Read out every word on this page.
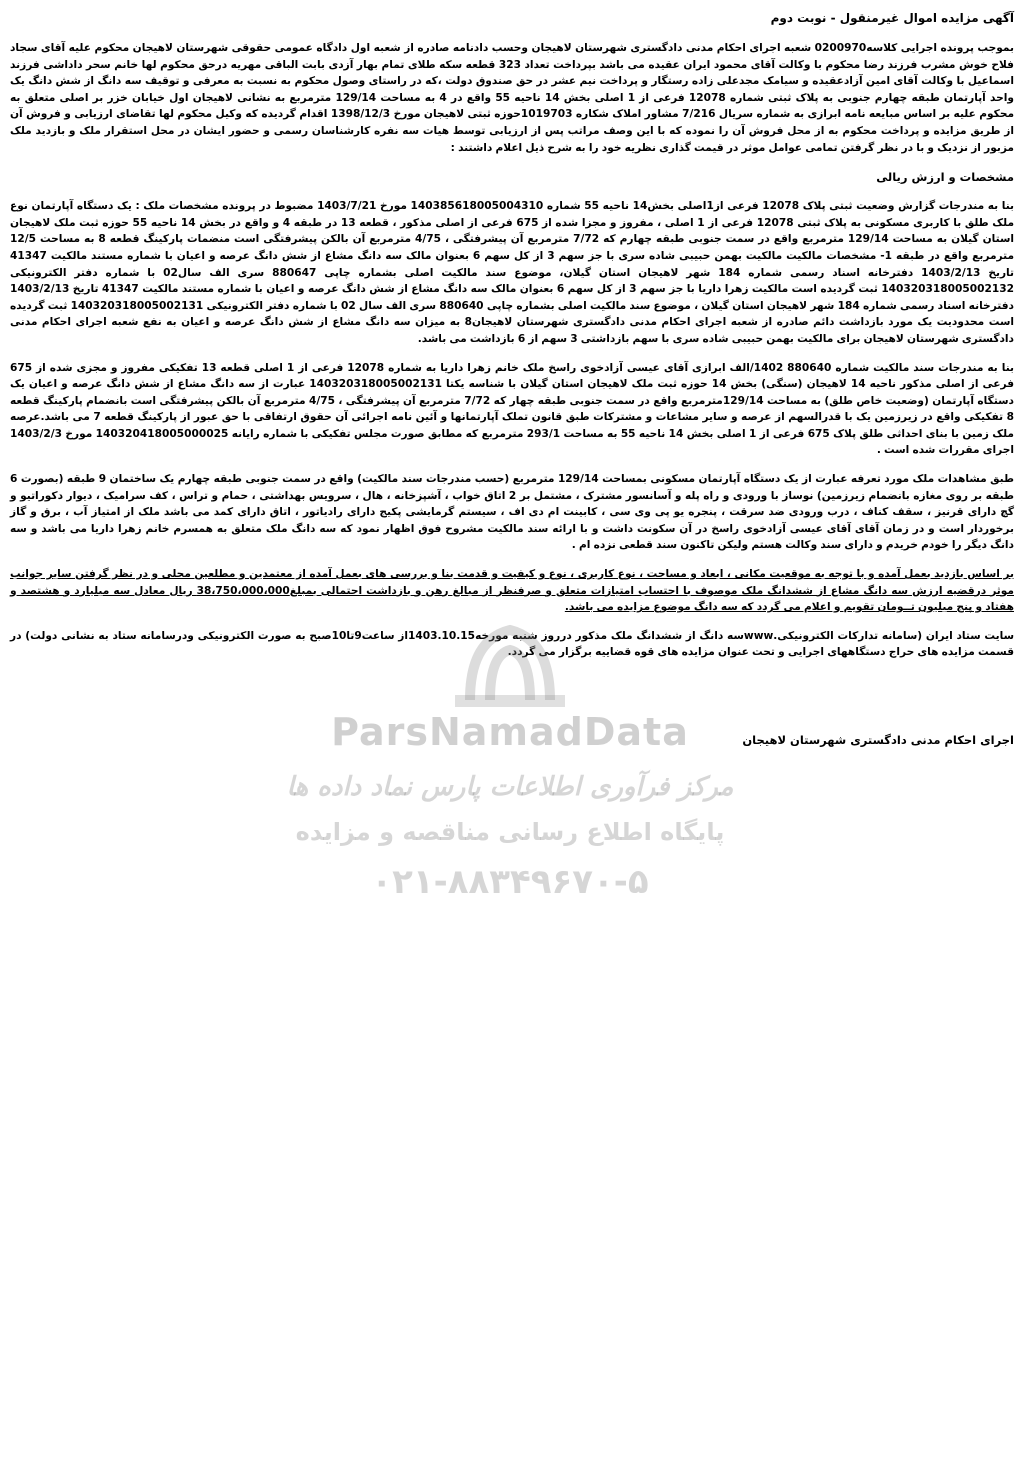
آگهی مزایده اموال غیرمنقول - نوبت دوم
بموجب پرونده اجرایی کلاسه0200970 شعبه اجرای احکام مدنی دادگستری شهرستان لاهیجان وحسب دادنامه صادره از شعبه اول دادگاه عمومی حقوقی شهرستان لاهیجان محکوم علیه آقای سجاد فلاح خوش مشرب فرزند رضا محکوم با وکالت آقای محمود ایران عقیده می باشد بپرداخت تعداد 323 قطعه سکه طلای تمام بهار آزدی بابت الباقی مهریه درحق محکوم لها خانم سحر داداشی فرزند اسماعیل با وکالت آقای امین آزادعقیده و سیامک مجدعلی زاده رستگار و پرداخت نیم عشر در حق صندوق دولت ،که در راستای وصول محکوم به نسبت به معرفی و توقیف سه دانگ از شش دانگ یک واحد آپارتمان طبقه چهارم جنوبی به پلاک ثبتی شماره 12078 فرعی از 1 اصلی بخش 14 ناحیه 55 واقع در 4 به مساحت 129/14 مترمربع به نشانی لاهیجان اول خیابان خزر بر اصلی متعلق به محکوم علیه بر اساس مبایعه نامه ابرازی به شماره سریال 7/216 مشاور املاک شکاره 1019703حوزه ثبتی لاهیجان مورخ 1398/12/3 اقدام گردیده که وکیل محکوم لها تقاضای ارزیابی و فروش آن از طریق مزایده و پرداخت محکوم به از محل فروش آن را نموده که با این وصف مراتب پس از ارزیابی توسط هیات سه نفره کارشناسان رسمی و حضور ایشان در محل استقرار ملک و بازدید ملک مزبور از نزدیک و با در نظر گرفتن تمامی عوامل موثر در قیمت گذاری نظریه خود را به شرح ذیل اعلام داشتند :
مشخصات و ارزش ریالی
بنا به مندرجات گزارش وضعیت ثبتی پلاک 12078 فرعی از1اصلی بخش14 ناحیه 55 شماره 140385618005004310 مورخ 1403/7/21 مضبوط در پرونده مشخصات ملک : یک دستگاه آپارتمان نوع ملک طلق با کاربری مسکونی به پلاک ثبتی 12078 فرعی از 1 اصلی ، مفروز و مجزا شده از 675 فرعی از اصلی مذکور ، قطعه 13 در طبقه 4 و واقع در بخش 14 ناحیه 55 حوزه ثبت ملک لاهیجان استان گیلان به مساحت 129/14 مترمربع واقع در سمت جنوبی طبقه چهارم که 7/72 مترمربع آن پیشرفتگی ، 4/75 مترمربع آن بالکن پیشرفتگی است منضمات پارکینگ قطعه 8 به مساحت 12/5 مترمربع واقع در طبقه 1- مشخصات مالکیت مالکیت بهمن حبیبی شاده سری با جز سهم 3 از کل سهم 6 بعنوان مالک سه دانگ مشاع از شش دانگ عرصه و اعیان با شماره مستند مالکیت 41347 تاریخ 1403/2/13 دفترخانه اسناد رسمی شماره 184 شهر لاهیجان استان گیلان، موضوع سند مالکیت اصلی بشماره چاپی 880647 سری الف سال02 با شماره دفتر الکترونیکی 140320318005002132 ثبت گردیده است مالکیت زهرا داریا با جز سهم 3 از کل سهم 6 بعنوان مالک سه دانگ مشاع از شش دانگ عرصه و اعیان با شماره مستند مالکیت 41347 تاریخ 1403/2/13 دفترخانه اسناد رسمی شماره 184 شهر لاهیجان استان گیلان ، موضوع سند مالکیت اصلی بشماره چاپی 880640 سری الف سال 02 با شماره دفتر الکترونیکی 140320318005002131 ثبت گردیده است محدودیت یک مورد بازداشت دائم صادره از شعبه اجرای احکام مدنی دادگستری شهرستان لاهیجان8 به میزان سه دانگ مشاع از شش دانگ عرصه و اعیان به نفع شعبه اجرای احکام مدنی دادگستری شهرستان لاهیجان برای مالکیت بهمن حبیبی شاده سری با سهم بازداشتی 3 سهم از 6 بازداشت می باشد.
بنا به مندرجات سند مالکیت شماره 880640 1402/الف ابرازی آقای عیسی آزادخوی راسخ ملک خانم زهرا داریا به شماره 12078 فرعی از 1 اصلی قطعه 13 تفکیکی مفروز و مجزی شده از 675 فرعی از اصلی مذکور ناحیه 14 لاهیجان (سنگی) بخش 14 حوزه ثبت ملک لاهیجان استان گیلان با شناسه یکتا 140320318005002131 عبارت از سه دانگ مشاع از شش دانگ عرصه و اعیان یک دستگاه آپارتمان (وضعیت خاص طلق) به مساحت 129/14مترمربع واقع در سمت جنوبی طبقه چهار که 7/72 مترمربع آن پیشرفتگی ، 4/75 مترمربع آن بالکن پیشرفتگی است بانضمام پارکینگ قطعه 8 تفکیکی واقع در زیرزمین یک با قدرالسهم از عرصه و سایر مشاعات و مشترکات طبق قانون تملک آپارتمانها و آئین نامه اجرائی آن حقوق ارتفاقی با حق عبور از پارکینگ قطعه 7 می باشد.عرصه ملک زمین با بنای احداثی طلق پلاک 675 فرعی از 1 اصلی بخش 14 ناحیه 55 به مساحت 293/1 مترمربع که مطابق صورت مجلس تفکیکی با شماره رایانه 140320418005000025 مورخ 1403/2/3 اجرای مقررات شده است .
طبق مشاهدات ملک مورد تعرفه عبارت از یک دستگاه آپارتمان مسکونی بمساحت 129/14 مترمربع (حسب مندرجات سند مالکیت) واقع در سمت جنوبی طبقه چهارم یک ساختمان 9 طبقه (بصورت 6 طبقه بر روی مغازه بانضمام زیرزمین) نوساز با ورودی و راه پله و آسانسور مشترک ، مشتمل بر 2 اتاق خواب ، آشپزخانه ، هال ، سرویس بهداشتی ، حمام و تراس ، کف سرامیک ، دیوار دکوراتیو و گچ دارای قرنیز ، سقف کناف ، درب ورودی ضد سرقت ، پنجره یو پی وی سی ، کابینت ام دی اف ، سیستم گرمایشی پکیج دارای رادیاتور ، اتاق دارای کمد می باشد ملک از امتیاز آب ، برق و گاز برخوردار است و در زمان آقای آقای عیسی آزادخوی راسخ در آن سکونت داشت و با ارائه سند مالکیت مشروح فوق اظهار نمود که سه دانگ ملک متعلق به همسرم خانم زهرا داریا می باشد و سه دانگ دیگر را خودم خریدم و دارای سند وکالت هستم ولیکن تاکنون سند قطعی نزده ام .
بر اساس بازدید بعمل آمده و با توجه به موقعیت مکانی ، ابعاد و مساحت ، نوع کاربری ، نوع و کیفیت و قدمت بنا و بررسی های بعمل آمده از معتمدین و مطلعین محلی و در نظر گرفتن سایر جوانب موثر درقضیه ارزش سه دانگ مشاع از ششدانگ ملک موصوف با احتساب امتیازات متعلق و صرفنظر از مبالغ رهن و بازداشت احتمالی بمبلغ38،750،000،000 ریال معادل سه میلیارد و هشتصد و هفتاد و پنج میلیون تــومان تقویم و اعلام می گردد که سه دانگ موضوع مزایده می باشد.
سایت ستاد ایران (سامانه تدارکات الکترونیکی.wwwسه دانگ از ششدانگ ملک مذکور درروز شنبه مورخه1403.10.15از ساعت9تا10صبح به صورت الکترونیکی ودرسامانه ستاد به نشانی دولت) در قسمت مزایده های حراج دستگاههای اجرایی و تحت عنوان مزایده های قوه قضاییه برگزار می گردد.
اجرای احکام مدنی دادگستری شهرستان لاهیجان
ParsNamadData
مرکز فرآوری اطلاعات پارس نماد داده ها
پایگاه اطلاع رسانی مناقصه و مزایده
۰۲۱-۸۸۳۴۹۶۷۰-۵
